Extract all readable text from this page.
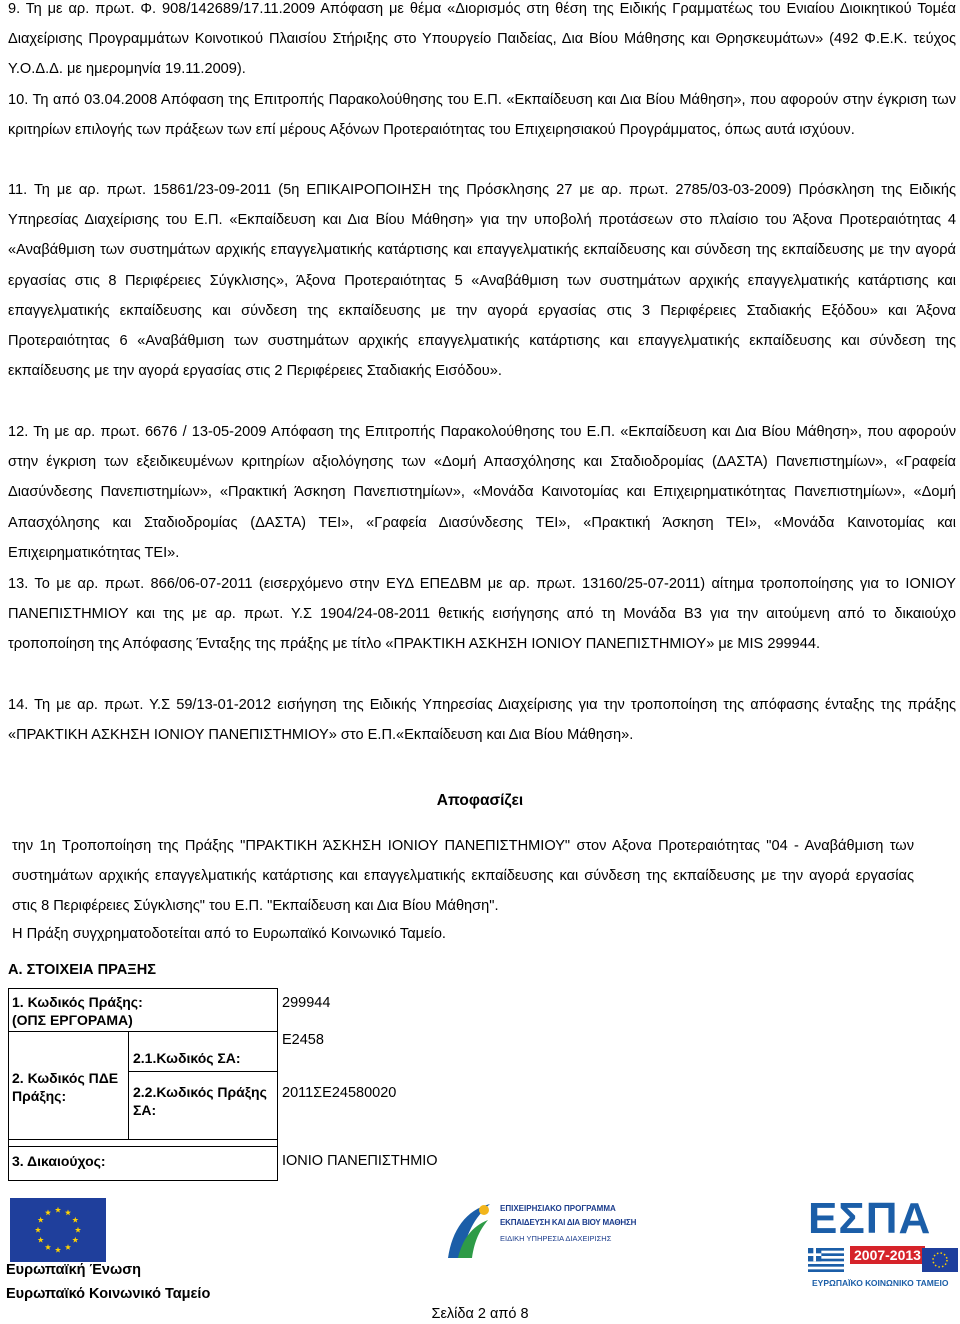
9. Τη με αρ. πρωτ. Φ. 908/142689/17.11.2009 Απόφαση με θέμα «Διορισμός στη θέση της Ειδικής Γραμματέως του Ενιαίου Διοικητικού Τομέα Διαχείρισης Προγραμμάτων Κοινοτικού Πλαισίου Στήριξης στο Υπουργείο Παιδείας, Δια Βίου Μάθησης και Θρησκευμάτων» (492 Φ.Ε.Κ. τεύχος Υ.Ο.Δ.Δ. με ημερομηνία 19.11.2009).

10. Τη από 03.04.2008 Απόφαση της Επιτροπής Παρακολούθησης του Ε.Π. «Εκπαίδευση και Δια Βίου Μάθηση», που αφορούν στην έγκριση των κριτηρίων επιλογής των πράξεων των επί μέρους Αξόνων Προτεραιότητας του Επιχειρησιακού Προγράμματος, όπως αυτά ισχύουν.

11. Τη με αρ. πρωτ. 15861/23-09-2011 (5η ΕΠΙΚΑΙΡΟΠΟΙΗΣΗ της Πρόσκλησης 27 με αρ. πρωτ. 2785/03-03-2009) Πρόσκληση της Ειδικής Υπηρεσίας Διαχείρισης του Ε.Π. «Εκπαίδευση και Δια Βίου Μάθηση» για την υποβολή προτάσεων στο πλαίσιο του Άξονα Προτεραιότητας 4 «Αναβάθμιση των συστημάτων αρχικής επαγγελματικής κατάρτισης και επαγγελματικής εκπαίδευσης και σύνδεση της εκπαίδευσης με την αγορά εργασίας στις 8 Περιφέρειες Σύγκλισης», Άξονα Προτεραιότητας 5 «Αναβάθμιση των συστημάτων αρχικής επαγγελματικής κατάρτισης και επαγγελματικής εκπαίδευσης και σύνδεση της εκπαίδευσης με την αγορά εργασίας στις 3 Περιφέρειες Σταδιακής Εξόδου» και Άξονα Προτεραιότητας 6 «Αναβάθμιση των συστημάτων αρχικής επαγγελματικής κατάρτισης και επαγγελματικής εκπαίδευσης και σύνδεση της εκπαίδευσης με την αγορά εργασίας στις 2 Περιφέρειες Σταδιακής Εισόδου».

12. Τη με αρ. πρωτ. 6676 / 13-05-2009 Απόφαση της Επιτροπής Παρακολούθησης του Ε.Π. «Εκπαίδευση και Δια Βίου Μάθηση», που αφορούν στην έγκριση των εξειδικευμένων κριτηρίων αξιολόγησης των «Δομή Απασχόλησης και Σταδιοδρομίας (ΔΑΣΤΑ) Πανεπιστημίων», «Γραφεία Διασύνδεσης Πανεπιστημίων», «Πρακτική Άσκηση Πανεπιστημίων», «Μονάδα Καινοτομίας και Επιχειρηματικότητας Πανεπιστημίων», «Δομή Απασχόλησης και Σταδιοδρομίας (ΔΑΣΤΑ) ΤΕΙ», «Γραφεία Διασύνδεσης ΤΕΙ», «Πρακτική Άσκηση ΤΕΙ», «Μονάδα Καινοτομίας και Επιχειρηματικότητας ΤΕΙ».

13. Το με αρ. πρωτ. 866/06-07-2011 (εισερχόμενο στην ΕΥΔ ΕΠΕΔΒΜ με αρ. πρωτ. 13160/25-07-2011) αίτημα τροποποίησης για το ΙΟΝΙΟΥ ΠΑΝΕΠΙΣΤΗΜΙΟΥ και της με αρ. πρωτ. Υ.Σ 1904/24-08-2011 θετικής εισήγησης από τη Μονάδα Β3 για την αιτούμενη από το δικαιούχο τροποποίηση της Απόφασης Ένταξης της πράξης με τίτλο «ΠΡΑΚΤΙΚΗ ΑΣΚΗΣΗ ΙΟΝΙΟΥ ΠΑΝΕΠΙΣΤΗΜΙΟΥ» με MIS 299944.

14. Τη με αρ. πρωτ. Υ.Σ 59/13-01-2012 εισήγηση της Ειδικής Υπηρεσίας Διαχείρισης για την τροποποίηση της απόφασης ένταξης της πράξης «ΠΡΑΚΤΙΚΗ ΑΣΚΗΣΗ ΙΟΝΙΟΥ ΠΑΝΕΠΙΣΤΗΜΙΟΥ» στο Ε.Π.«Εκπαίδευση και Δια Βίου Μάθηση».

Αποφασίζει

την 1η Τροποποίηση της Πράξης "ΠΡΑΚΤΙΚΗ ΆΣΚΗΣΗ ΙΟΝΙΟΥ ΠΑΝΕΠΙΣΤΗΜΙΟΥ" στον Αξονα Προτεραιότητας "04 - Αναβάθμιση των συστημάτων αρχικής επαγγελματικής κατάρτισης και επαγγελματικής εκπαίδευσης και σύνδεση της εκπαίδευσης με την αγορά εργασίας στις 8 Περιφέρειες Σύγκλισης" του Ε.Π. "Εκπαίδευση και Δια Βίου Μάθηση".

Η Πράξη συγχρηματοδοτείται από το Ευρωπαϊκό Κοινωνικό Ταμείο.
Α. ΣΤΟΙΧΕΙΑ ΠΡΑΞΗΣ
1. Κωδικός Πράξης:
(ΟΠΣ ΕΡΓΟΡΑΜΑ)
299944
2. Κωδικός ΠΔΕ Πράξης:
2.1.Κωδικός ΣΑ:
Ε2458
2.2.Κωδικός Πράξης ΣΑ:
2011ΣΕ24580020
3. Δικαιούχος:	ΙΟΝΙΟ ΠΑΝΕΠΙΣΤΗΜΙΟ
Ευρωπαϊκή Ένωση
Ευρωπαϊκό Κοινωνικό Ταμείο
ΕΠΙΧΕΙΡΗΣΙΑΚΟ ΠΡΟΓΡΑΜΜΑ
ΕΚΠΑΙΔΕΥΣΗ ΚΑΙ ΔΙΑ ΒΙΟΥ ΜΑΘΗΣΗ
ΕΙΔΙΚΗ ΥΠΗΡΕΣΙΑ ΔΙΑΧΕΙΡΙΣΗΣ	ΕΣΠΑ
2007-2013
ΕΥΡΩΠΑΪΚΟ ΚΟΙΝΩΝΙΚΟ ΤΑΜΕΙΟ
Σελίδα 2 από 8
